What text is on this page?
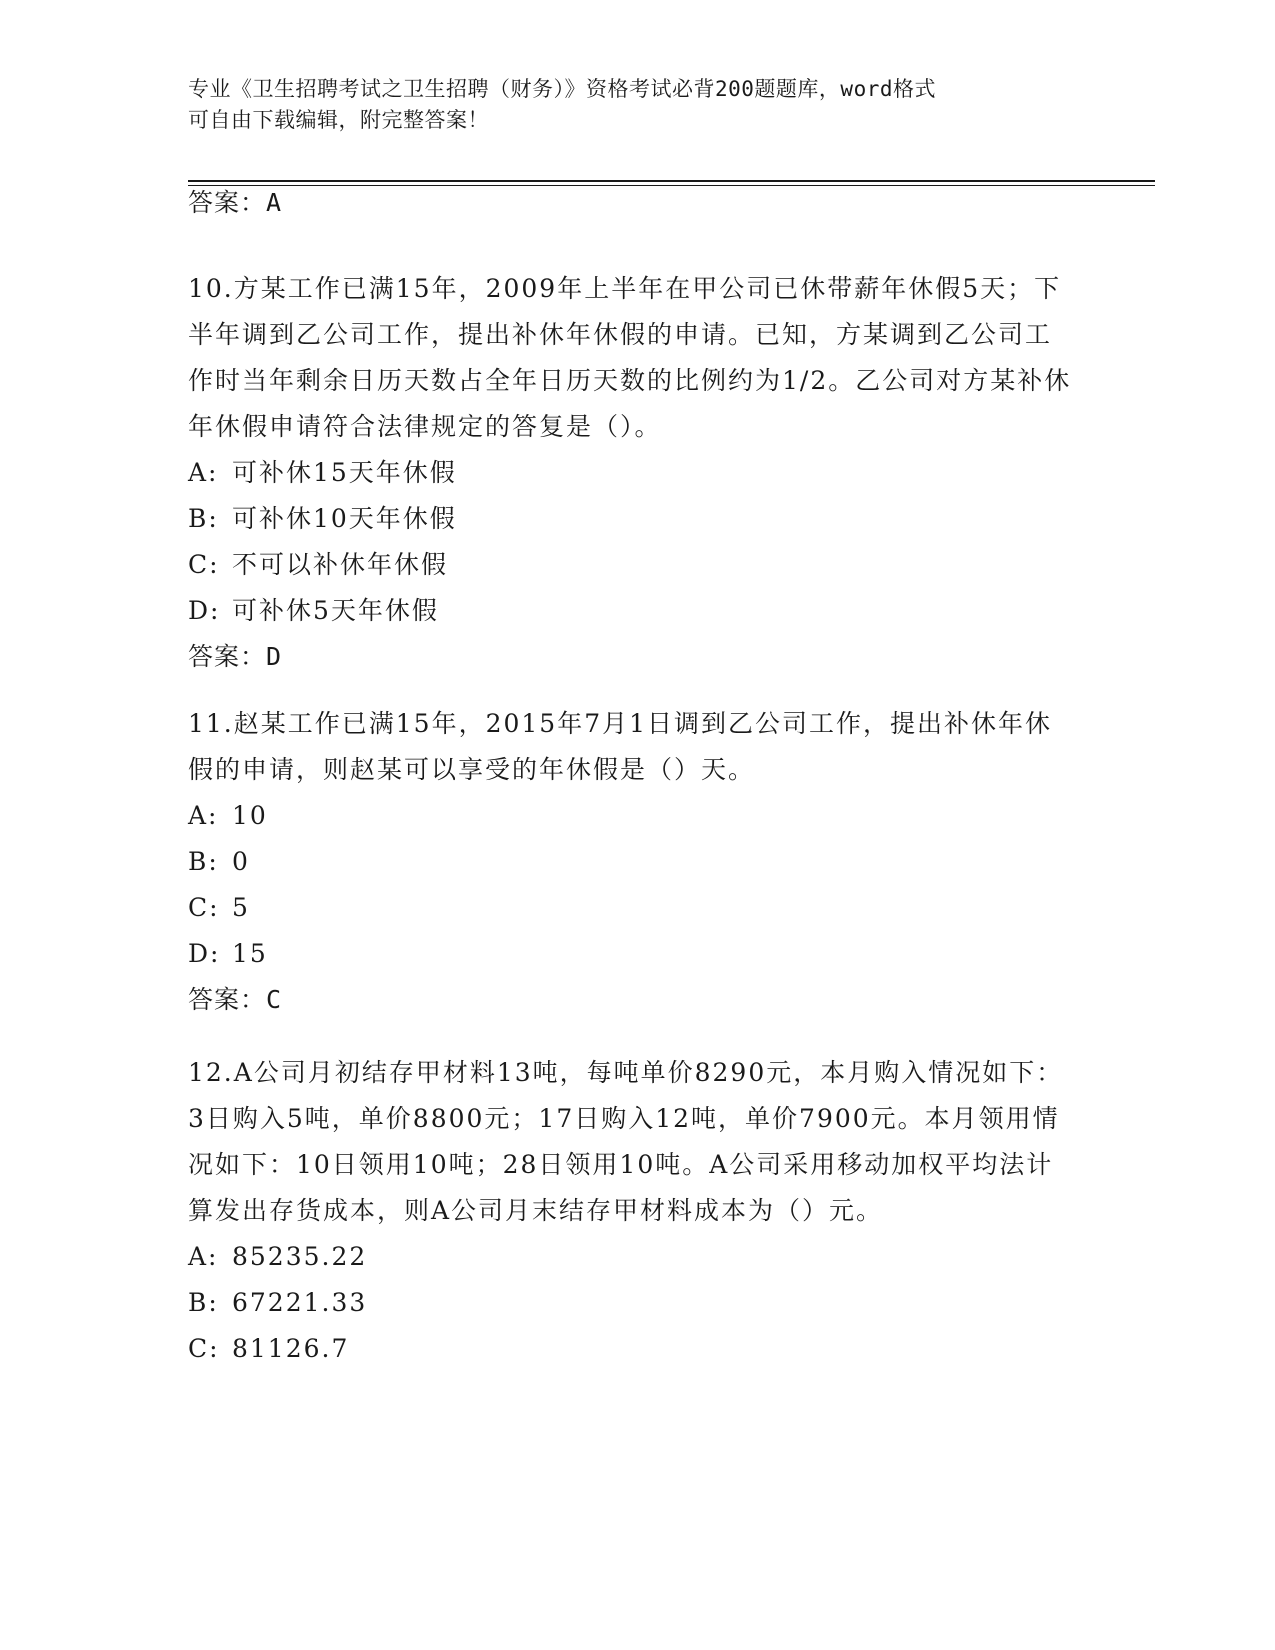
专业《卫生招聘考试之卫生招聘（财务）》资格考试必背200题题库，word格式
可自由下载编辑，附完整答案！
答案：A

10.方某工作已满15年，2009年上半年在甲公司已休带薪年休假5天；下半年调到乙公司工作，提出补休年休假的申请。已知，方某调到乙公司工作时当年剩余日历天数占全年日历天数的比例约为1/2。乙公司对方某补休年休假申请符合法律规定的答复是（）。

A: 可补休15天年休假
B: 可补休10天年休假
C: 不可以补休年休假
D: 可补休5天年休假
答案：D

11.赵某工作已满15年，2015年7月1日调到乙公司工作，提出补休年休假的申请，则赵某可以享受的年休假是（）天。

A: 10
B: 0
C: 5
D: 15
答案：C

12.A公司月初结存甲材料13吨，每吨单价8290元，本月购入情况如下：3日购入5吨，单价8800元；17日购入12吨，单价7900元。本月领用情况如下：10日领用10吨；28日领用10吨。A公司采用移动加权平均法计算发出存货成本，则A公司月末结存甲材料成本为（）元。

A: 85235.22
B: 67221.33
C: 81126.7
